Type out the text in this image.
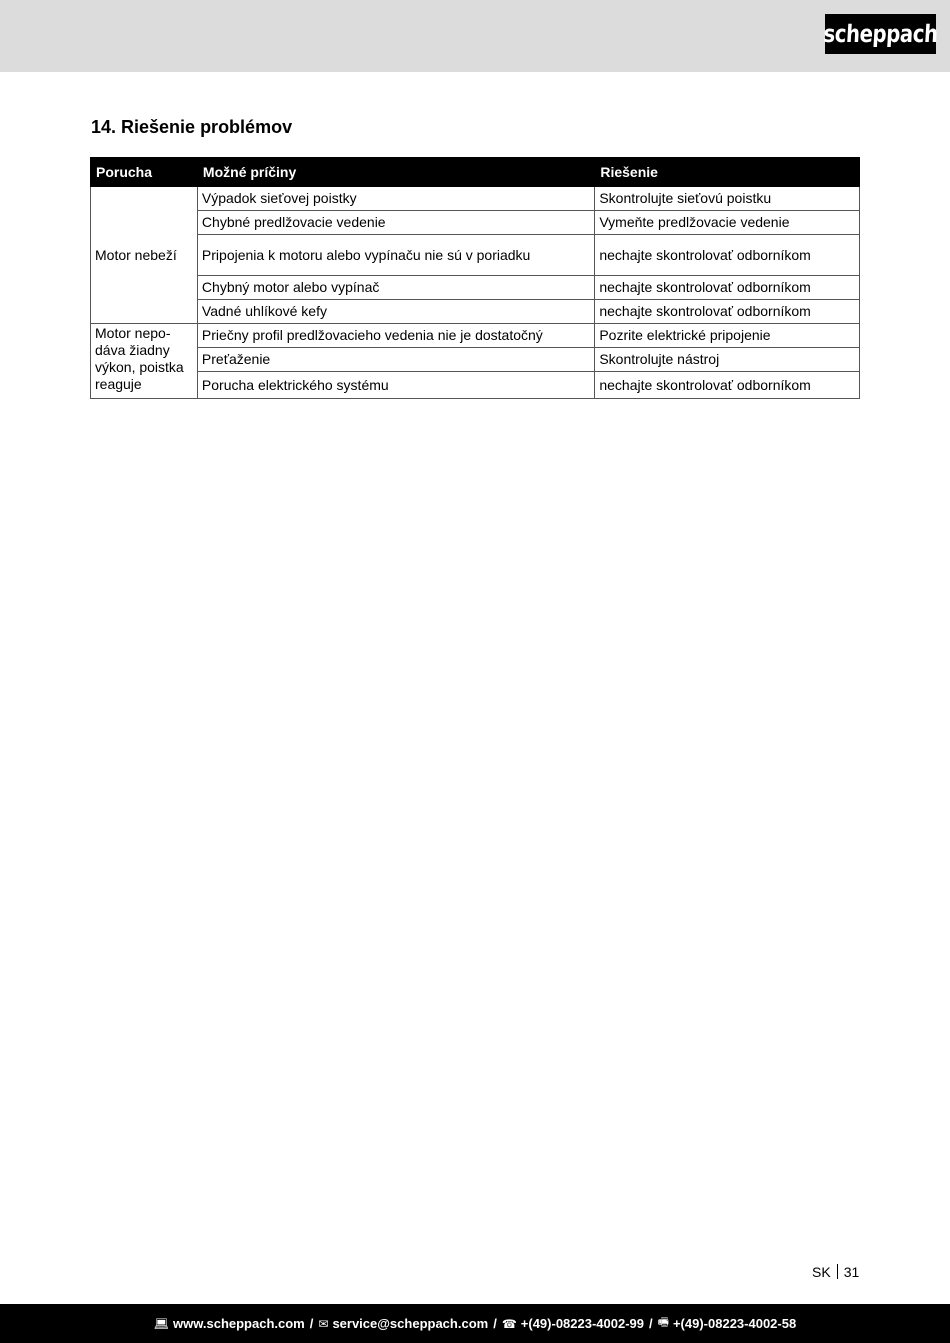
scheppach
14. Riešenie problémov
Porucha	Možné príčiny	Riešenie
Motor nebeží	Výpadok sieťovej poistky	Skontrolujte sieťovú poistku
	Chybné predlžovacie vedenie	Vymeňte predlžovacie vedenie
	Pripojenia k motoru alebo vypínaču nie sú v poriadku	nechajte skontrolovať odborníkom
	Chybný motor alebo vypínač	nechajte skontrolovať odborníkom
	Vadné uhlíkové kefy	nechajte skontrolovať odborníkom
Motor nepo-
dáva žiadny
výkon, poistka
reaguje	Priečny profil predlžovacieho vedenia nie je dostatočný	Pozrite elektrické pripojenie
	Preťaženie	Skontrolujte nástroj
	Porucha elektrického systému	nechajte skontrolovať odborníkom
SK 31
💻︎ www.scheppach.com / ✉︎ service@scheppach.com / ☎︎ +(49)-08223-4002-99 / 🖷︎ +(49)-08223-4002-58
